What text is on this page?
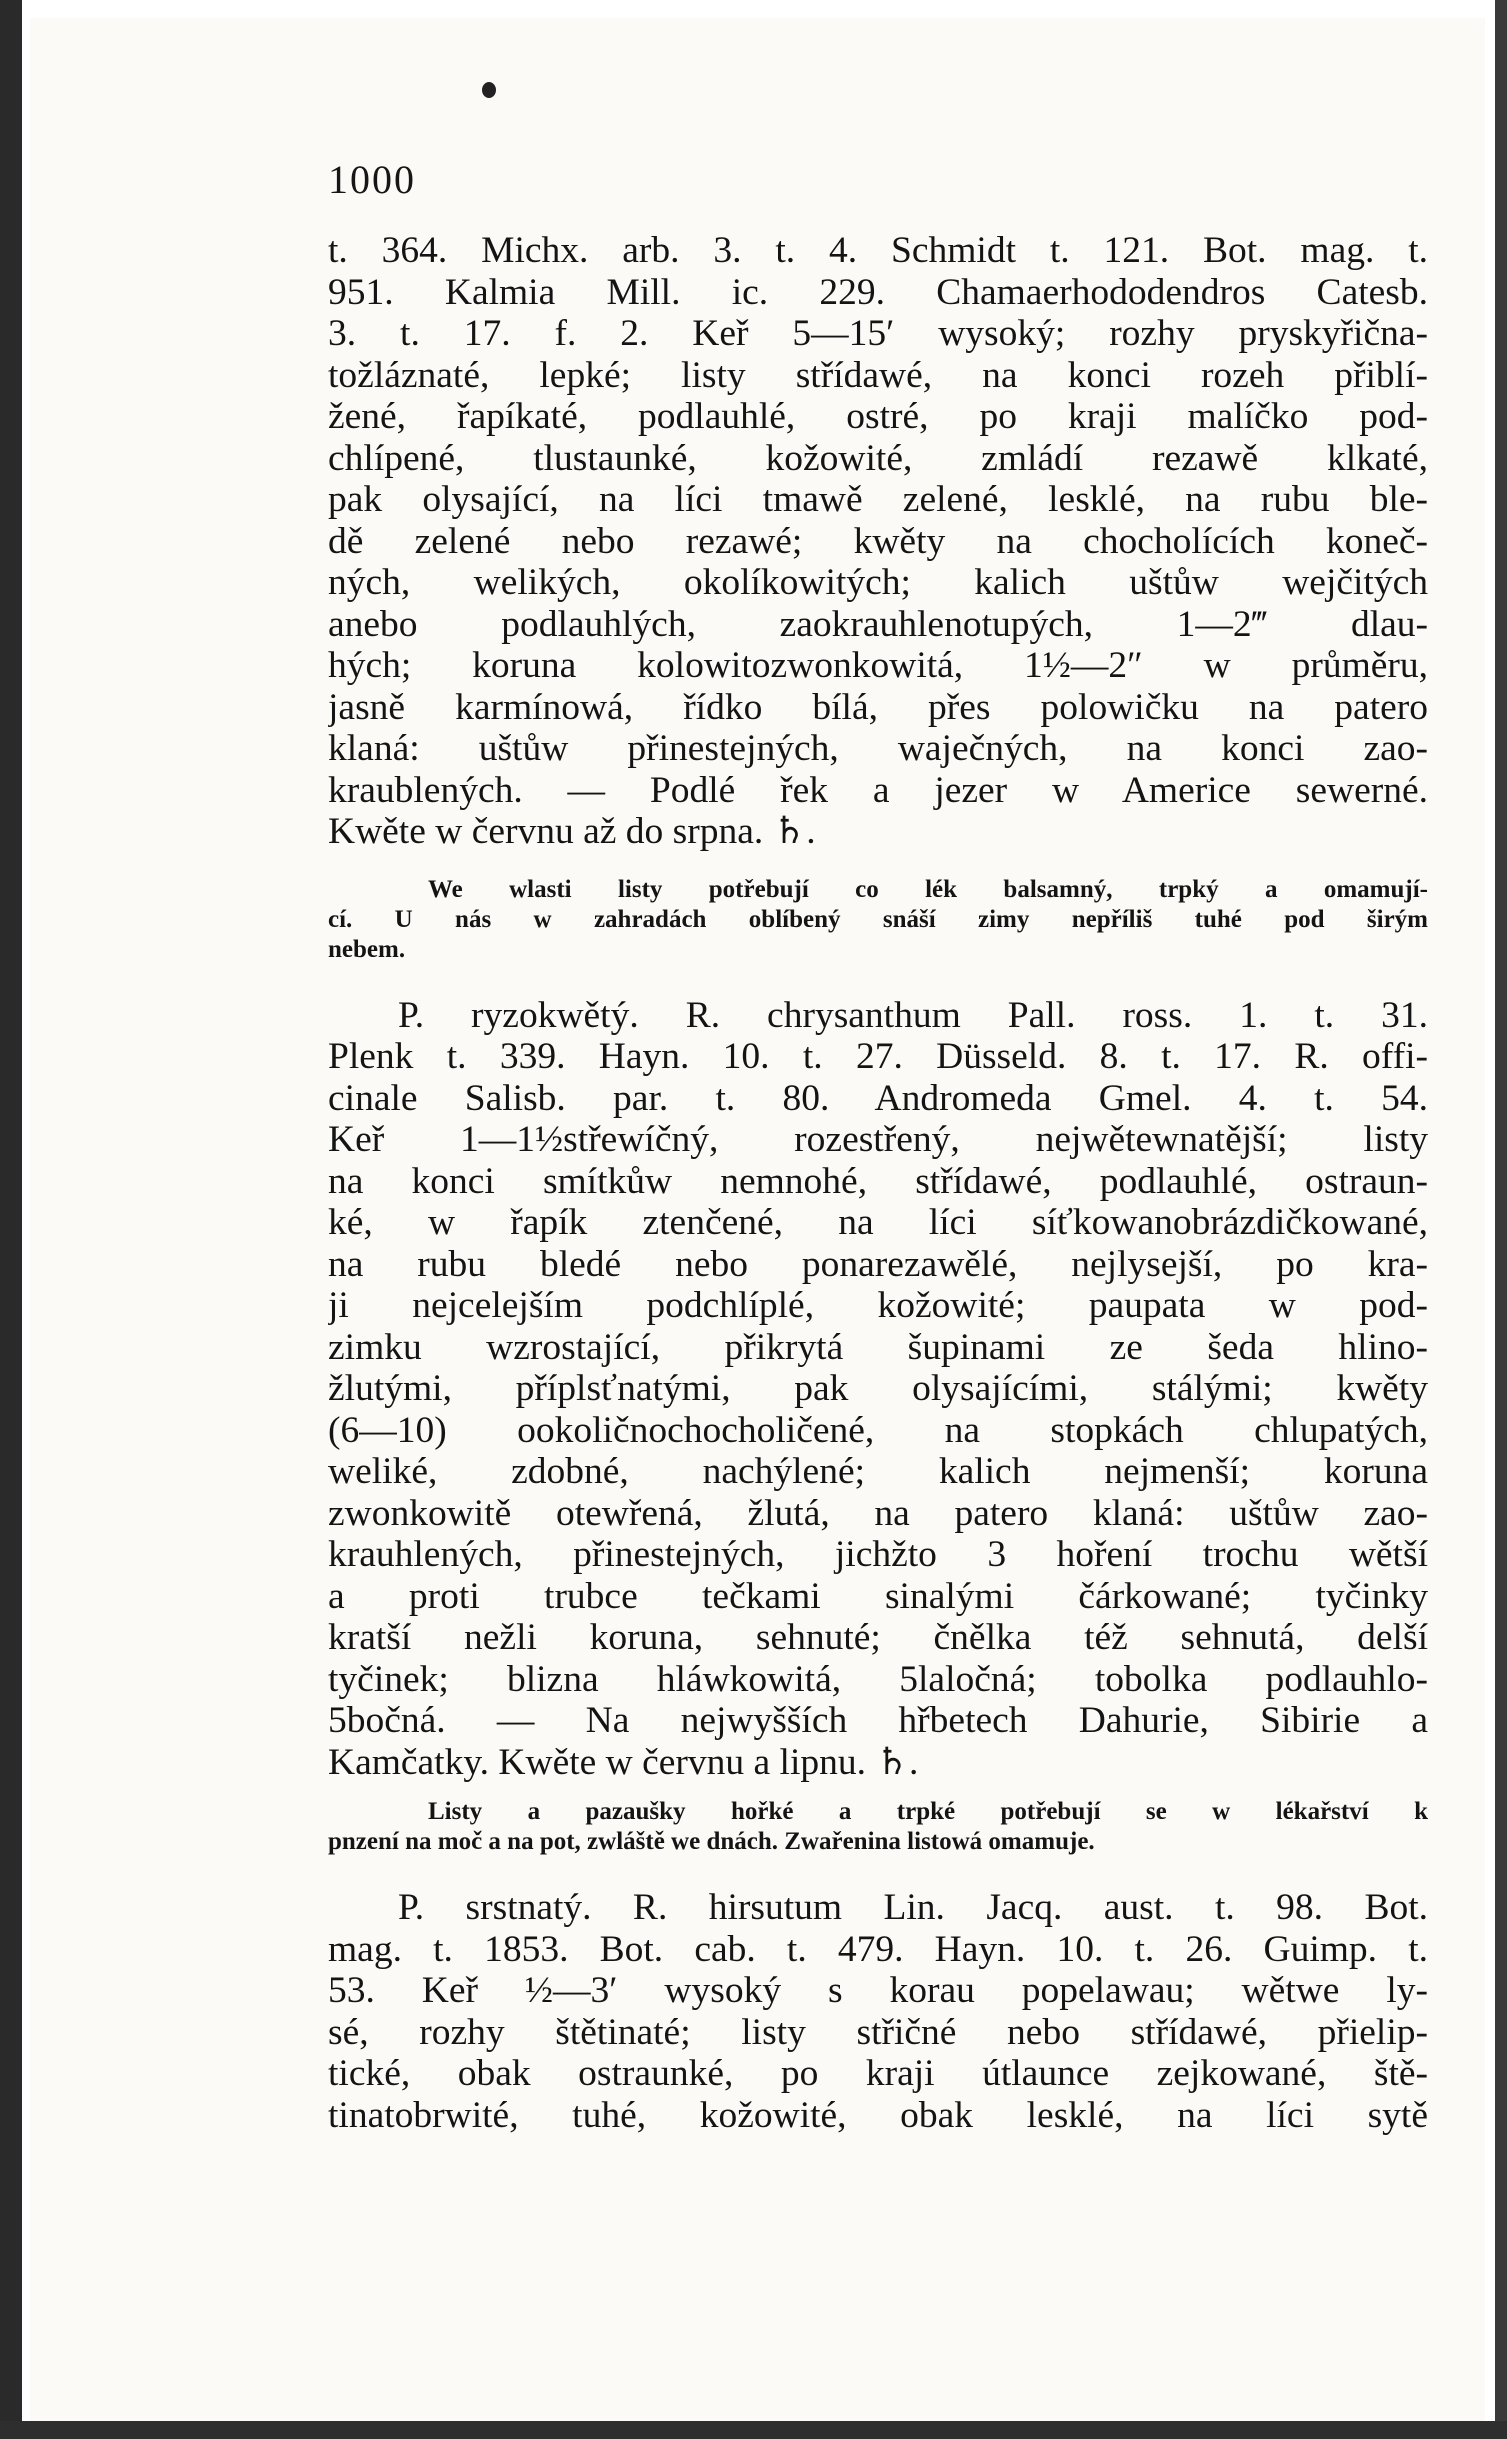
1000
t. 364. Michx. arb. 3. t. 4. Schmidt t. 121. Bot. mag. t.
951. Kalmia Mill. ic. 229. Chamaerhododendros Catesb.
3. t. 17. f. 2. Keř 5—15′ wysoký; rozhy pryskyřična-
tožláznaté, lepké; listy střídawé, na konci rozeh přiblí-
žené, řapíkaté, podlauhlé, ostré, po kraji malíčko pod-
chlípené, tlustaunké, kožowité, zmládí rezawě klkaté,
pak olysající, na líci tmawě zelené, lesklé, na rubu ble-
dě zelené nebo rezawé; kwěty na chocholících koneč-
ných, welikých, okolíkowitých; kalich uštůw wejčitých
anebo podlauhlých, zaokrauhlenotupých, 1—2‴ dlau-
hých; koruna kolowitozwonkowitá, 1½—2″ w průměru,
jasně karmínowá, řídko bílá, přes polowičku na patero
klaná: uštůw přinestejných, waječných, na konci zao-
kraublených. — Podlé řek a jezer w Americe sewerné.
Kwěte w červnu až do srpna. ♄.
We wlasti listy potřebují co lék balsamný, trpký a omamují-
cí. U nás w zahradách oblíbený snáší zimy nepříliš tuhé pod širým
nebem.
P. ryzokwětý. R. chrysanthum Pall. ross. 1. t. 31.
Plenk t. 339. Hayn. 10. t. 27. Düsseld. 8. t. 17. R. offi-
cinale Salisb. par. t. 80. Andromeda Gmel. 4. t. 54.
Keř 1—1½střewíčný, rozestřený, nejwětewnatější; listy
na konci smítkůw nemnohé, střídawé, podlauhlé, ostraun-
ké, w řapík ztenčené, na líci síťkowanobrázdičkowané,
na rubu bledé nebo ponarezawělé, nejlysejší, po kra-
ji nejcelejším podchlíplé, kožowité; paupata w pod-
zimku wzrostající, přikrytá šupinami ze šeda hlino-
žlutými, příplsťnatými, pak olysajícími, stálými; kwěty
(6—10) ookoličnochocholičené, na stopkách chlupatých,
weliké, zdobné, nachýlené; kalich nejmenší; koruna
zwonkowitě otewřená, žlutá, na patero klaná: uštůw zao-
krauhlených, přinestejných, jichžto 3 hoření trochu wětší
a proti trubce tečkami sinalými čárkowané; tyčinky
kratší nežli koruna, sehnuté; čnělka též sehnutá, delší
tyčinek; blizna hláwkowitá, 5laločná; tobolka podlauhlo-
5bočná. — Na nejwyšších hřbetech Dahurie, Sibirie a
Kamčatky. Kwěte w červnu a lipnu. ♄.
Listy a pazaušky hořké a trpké potřebují se w lékařství k
pnzení na moč a na pot, zwláště we dnách. Zwařenina listowá omamuje.
P. srstnatý. R. hirsutum Lin. Jacq. aust. t. 98. Bot.
mag. t. 1853. Bot. cab. t. 479. Hayn. 10. t. 26. Guimp. t.
53. Keř ½—3′ wysoký s korau popelawau; wětwe ly-
sé, rozhy štětinaté; listy střičné nebo střídawé, přielip-
tické, obak ostraunké, po kraji útlaunce zejkowané, ště-
tinatobrwité, tuhé, kožowité, obak lesklé, na líci sytě
